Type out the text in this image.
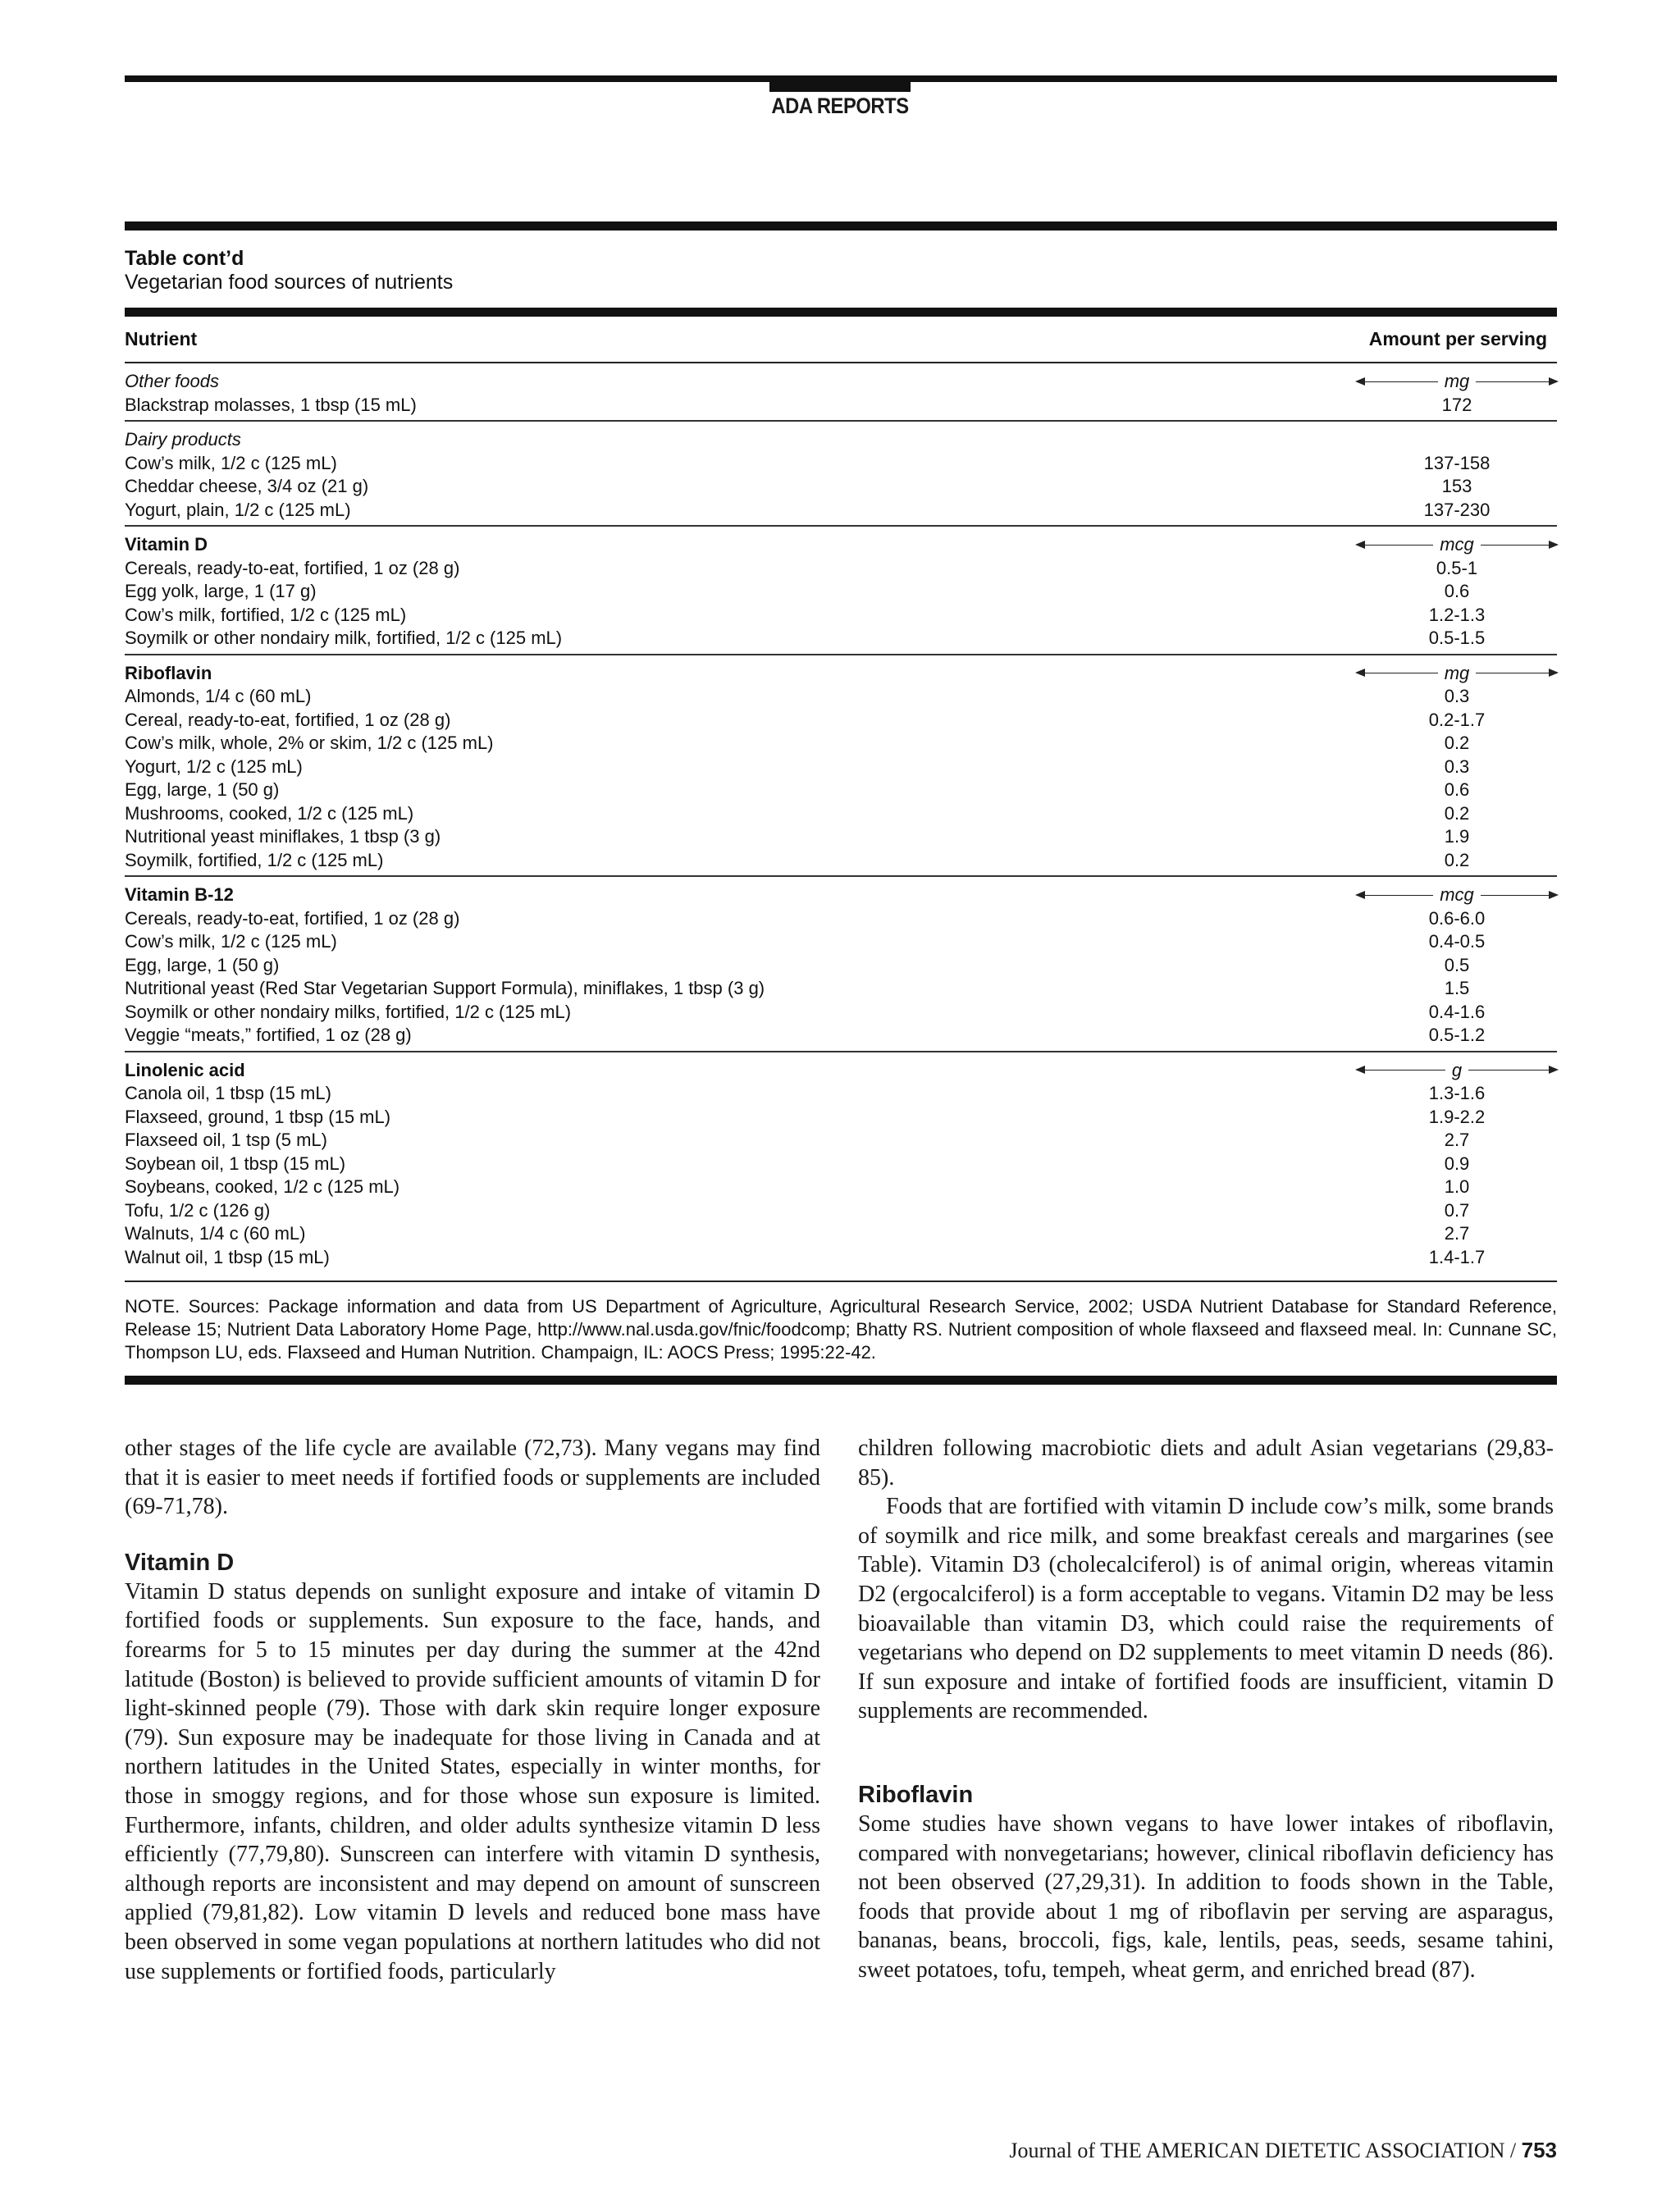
ADA REPORTS
Table cont’d
Vegetarian food sources of nutrients
Nutrient	Amount per serving
Other foods	mg
Blackstrap molasses, 1 tbsp (15 mL)	172
Dairy products
Cow’s milk, 1/2 c (125 mL)	137-158
Cheddar cheese, 3/4 oz (21 g)	153
Yogurt, plain, 1/2 c (125 mL)	137-230
Vitamin D	mcg
Cereals, ready-to-eat, fortified, 1 oz (28 g)	0.5-1
Egg yolk, large, 1 (17 g)	0.6
Cow’s milk, fortified, 1/2 c (125 mL)	1.2-1.3
Soymilk or other nondairy milk, fortified, 1/2 c (125 mL)	0.5-1.5
Riboflavin	mg
Almonds, 1/4 c (60 mL)	0.3
Cereal, ready-to-eat, fortified, 1 oz (28 g)	0.2-1.7
Cow’s milk, whole, 2% or skim, 1/2 c (125 mL)	0.2
Yogurt, 1/2 c (125 mL)	0.3
Egg, large, 1 (50 g)	0.6
Mushrooms, cooked, 1/2 c (125 mL)	0.2
Nutritional yeast miniflakes, 1 tbsp (3 g)	1.9
Soymilk, fortified, 1/2 c (125 mL)	0.2
Vitamin B-12	mcg
Cereals, ready-to-eat, fortified, 1 oz (28 g)	0.6-6.0
Cow’s milk, 1/2 c (125 mL)	0.4-0.5
Egg, large, 1 (50 g)	0.5
Nutritional yeast (Red Star Vegetarian Support Formula), miniflakes, 1 tbsp (3 g)	1.5
Soymilk or other nondairy milks, fortified, 1/2 c (125 mL)	0.4-1.6
Veggie “meats,” fortified, 1 oz (28 g)	0.5-1.2
Linolenic acid	g
Canola oil, 1 tbsp (15 mL)	1.3-1.6
Flaxseed, ground, 1 tbsp (15 mL)	1.9-2.2
Flaxseed oil, 1 tsp (5 mL)	2.7
Soybean oil, 1 tbsp (15 mL)	0.9
Soybeans, cooked, 1/2 c (125 mL)	1.0
Tofu, 1/2 c (126 g)	0.7
Walnuts, 1/4 c (60 mL)	2.7
Walnut oil, 1 tbsp (15 mL)	1.4-1.7
NOTE. Sources: Package information and data from US Department of Agriculture, Agricultural Research Service, 2002; USDA Nutrient Database for Standard Reference, Release 15; Nutrient Data Laboratory Home Page, http://www.nal.usda.gov/fnic/foodcomp; Bhatty RS. Nutrient composition of whole flaxseed and flaxseed meal. In: Cunnane SC, Thompson LU, eds. Flaxseed and Human Nutrition. Champaign, IL: AOCS Press; 1995:22-42.

other stages of the life cycle are available (72,73). Many vegans may find that it is easier to meet needs if fortified foods or supplements are included (69-71,78).

Vitamin D

Vitamin D status depends on sunlight exposure and intake of vitamin D fortified foods or supplements. Sun exposure to the face, hands, and forearms for 5 to 15 minutes per day during the summer at the 42nd latitude (Boston) is believed to provide sufficient amounts of vitamin D for light-skinned people (79). Those with dark skin require longer exposure (79). Sun exposure may be inadequate for those living in Canada and at northern latitudes in the United States, especially in winter months, for those in smoggy regions, and for those whose sun exposure is limited. Furthermore, infants, children, and older adults synthesize vitamin D less efficiently (77,79,80). Sunscreen can interfere with vitamin D synthesis, although reports are inconsistent and may depend on amount of sunscreen applied (79,81,82). Low vitamin D levels and reduced bone mass have been observed in some vegan populations at northern latitudes who did not use supplements or fortified foods, particularly

children following macrobiotic diets and adult Asian vegetarians (29,83-85).

Foods that are fortified with vitamin D include cow’s milk, some brands of soymilk and rice milk, and some breakfast cereals and margarines (see Table). Vitamin D3 (cholecalciferol) is of animal origin, whereas vitamin D2 (ergocalciferol) is a form acceptable to vegans. Vitamin D2 may be less bioavailable than vitamin D3, which could raise the requirements of vegetarians who depend on D2 supplements to meet vitamin D needs (86). If sun exposure and intake of fortified foods are insufficient, vitamin D supplements are recommended.

Riboflavin

Some studies have shown vegans to have lower intakes of riboflavin, compared with nonvegetarians; however, clinical riboflavin deficiency has not been observed (27,29,31). In addition to foods shown in the Table, foods that provide about 1 mg of riboflavin per serving are asparagus, bananas, beans, broccoli, figs, kale, lentils, peas, seeds, sesame tahini, sweet potatoes, tofu, tempeh, wheat germ, and enriched bread (87).

Journal of THE AMERICAN DIETETIC ASSOCIATION / 753
